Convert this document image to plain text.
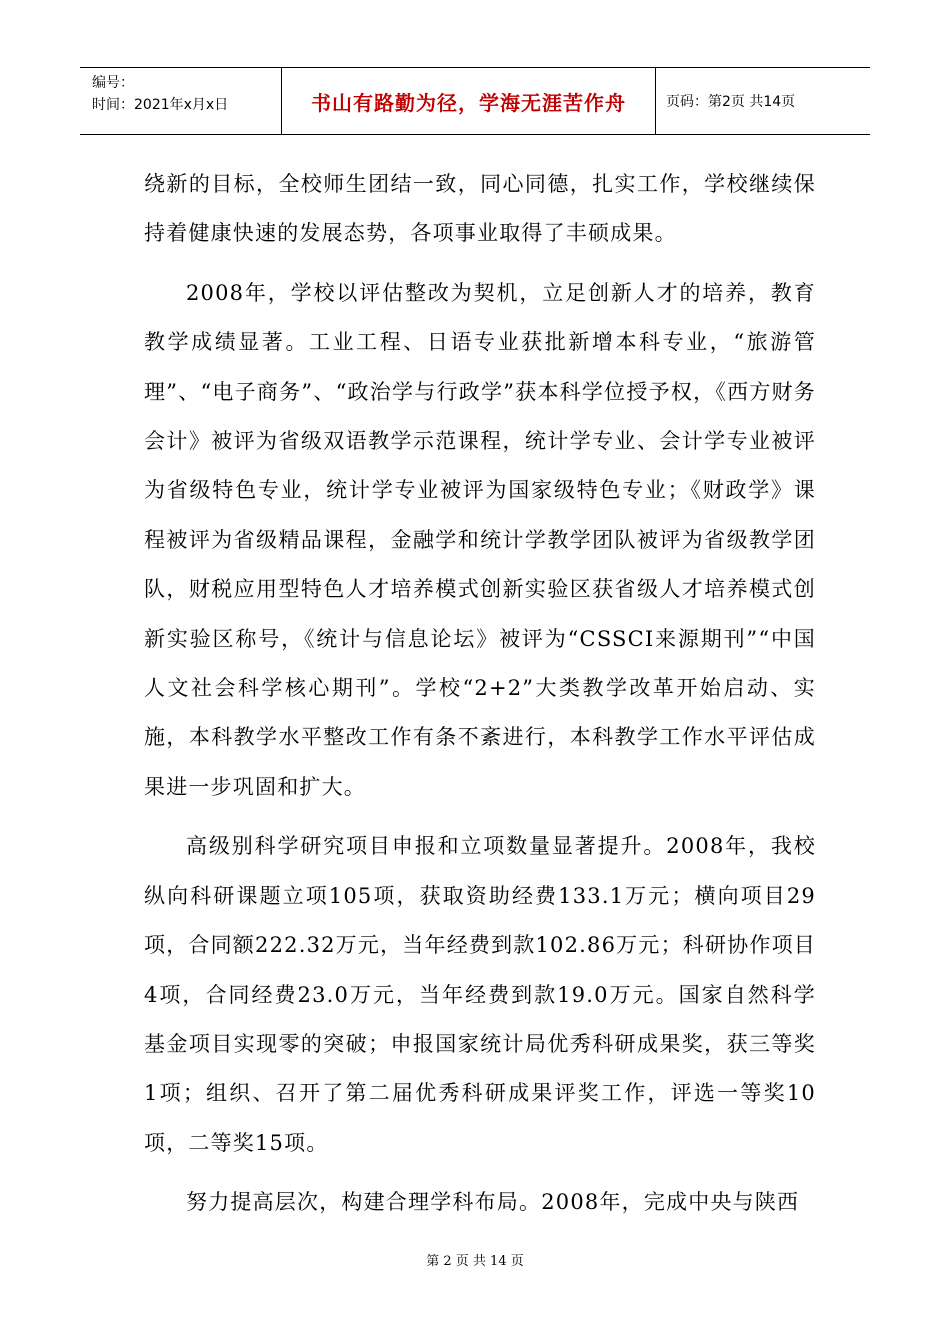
编号：
时间：2021年x月x日	书山有路勤为径，学海无涯苦作舟	页码：第2页 共14页

绕新的目标，全校师生团结一致，同心同德，扎实工作，学校继续保持着健康快速的发展态势，各项事业取得了丰硕成果。

2008年，学校以评估整改为契机，立足创新人才的培养，教育教学成绩显著。工业工程、日语专业获批新增本科专业，“旅游管理”、“电子商务”、“政治学与行政学”获本科学位授予权，《西方财务会计》被评为省级双语教学示范课程，统计学专业、会计学专业被评为省级特色专业，统计学专业被评为国家级特色专业；《财政学》课程被评为省级精品课程，金融学和统计学教学团队被评为省级教学团队，财税应用型特色人才培养模式创新实验区获省级人才培养模式创新实验区称号，《统计与信息论坛》被评为“CSSCI来源期刊”“中国人文社会科学核心期刊”。学校“2+2”大类教学改革开始启动、实施，本科教学水平整改工作有条不紊进行，本科教学工作水平评估成果进一步巩固和扩大。

高级别科学研究项目申报和立项数量显著提升。2008年，我校纵向科研课题立项105项，获取资助经费133.1万元；横向项目29项，合同额222.32万元，当年经费到款102.86万元；科研协作项目4项，合同经费23.0万元，当年经费到款19.0万元。国家自然科学基金项目实现零的突破；申报国家统计局优秀科研成果奖，获三等奖1项；组织、召开了第二届优秀科研成果评奖工作，评选一等奖10项，二等奖15项。

努力提高层次，构建合理学科布局。2008年，完成中央与陕西

第 2 页 共 14 页
